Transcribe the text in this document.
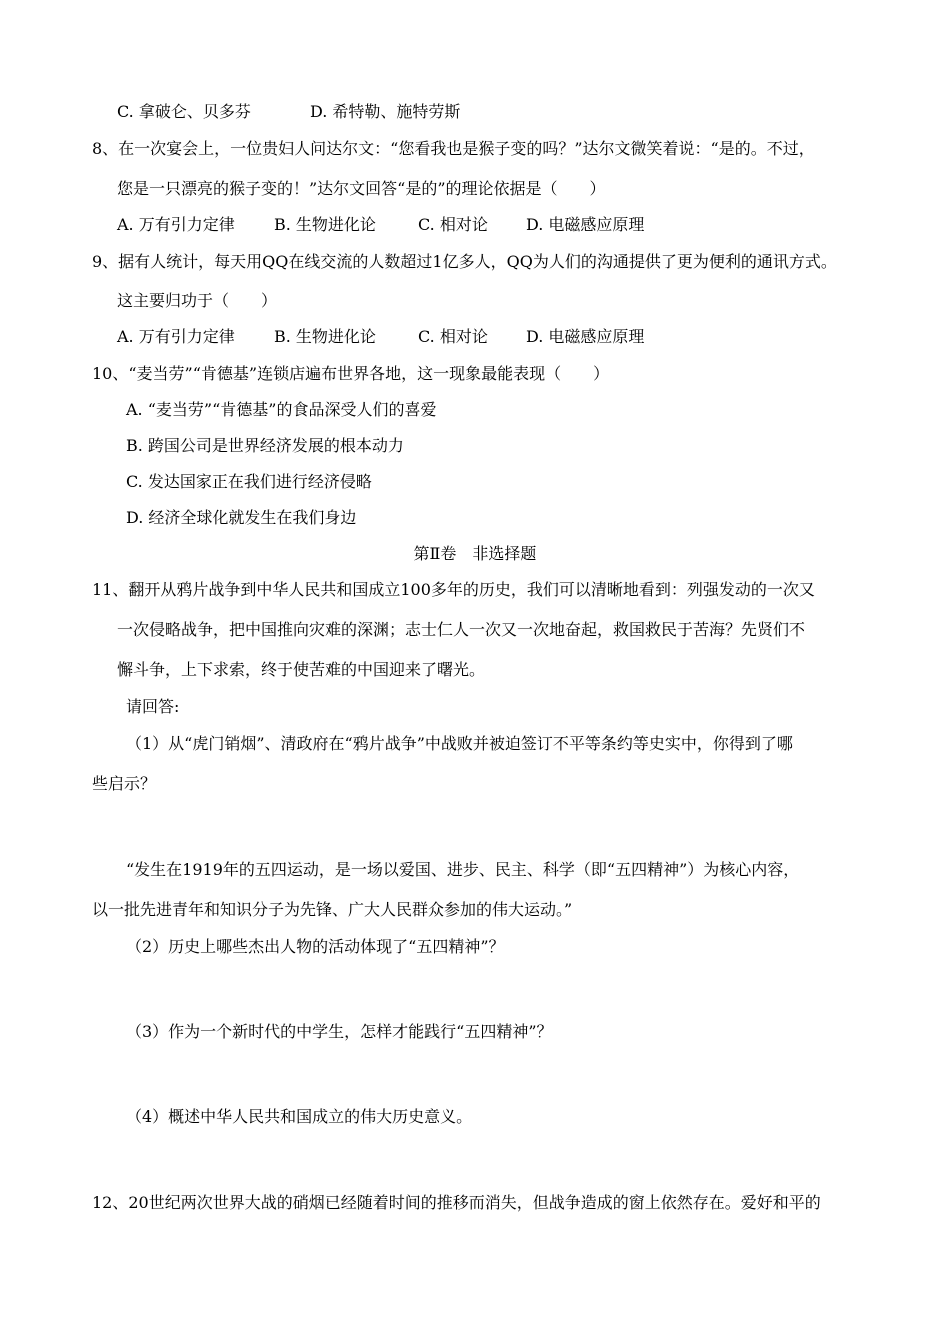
C. 拿破仑、贝多芬	D. 希特勒、施特劳斯
8、在一次宴会上，一位贵妇人问达尔文：“您看我也是猴子变的吗？”达尔文微笑着说：“是的。不过，
您是一只漂亮的猴子变的！”达尔文回答“是的”的理论依据是（　　）
A. 万有引力定律 B. 生物进化论	C. 相对论 D. 电磁感应原理
9、据有人统计，每天用QQ在线交流的人数超过1亿多人，QQ为人们的沟通提供了更为便利的通讯方式。
这主要归功于（　　）
A. 万有引力定律 B. 生物进化论	C. 相对论 D. 电磁感应原理
10、“麦当劳”“肯德基”连锁店遍布世界各地，这一现象最能表现（　　）
A. “麦当劳”“肯德基”的食品深受人们的喜爱
B. 跨国公司是世界经济发展的根本动力
C. 发达国家正在我们进行经济侵略
D. 经济全球化就发生在我们身边
第Ⅱ卷　非选择题
11、翻开从鸦片战争到中华人民共和国成立100多年的历史，我们可以清晰地看到：列强发动的一次又
一次侵略战争，把中国推向灾难的深渊；志士仁人一次又一次地奋起，救国救民于苦海？先贤们不
懈斗争，上下求索，终于使苦难的中国迎来了曙光。
请回答:
（1）从“虎门销烟”、清政府在“鸦片战争”中战败并被迫签订不平等条约等史实中，你得到了哪
些启示？
“发生在1919年的五四运动，是一场以爱国、进步、民主、科学（即“五四精神”）为核心内容，
以一批先进青年和知识分子为先锋、广大人民群众参加的伟大运动。”
（2）历史上哪些杰出人物的活动体现了“五四精神”？
（3）作为一个新时代的中学生，怎样才能践行“五四精神”？
（4）概述中华人民共和国成立的伟大历史意义。
12、20世纪两次世界大战的硝烟已经随着时间的推移而消失，但战争造成的窗上依然存在。爱好和平的
